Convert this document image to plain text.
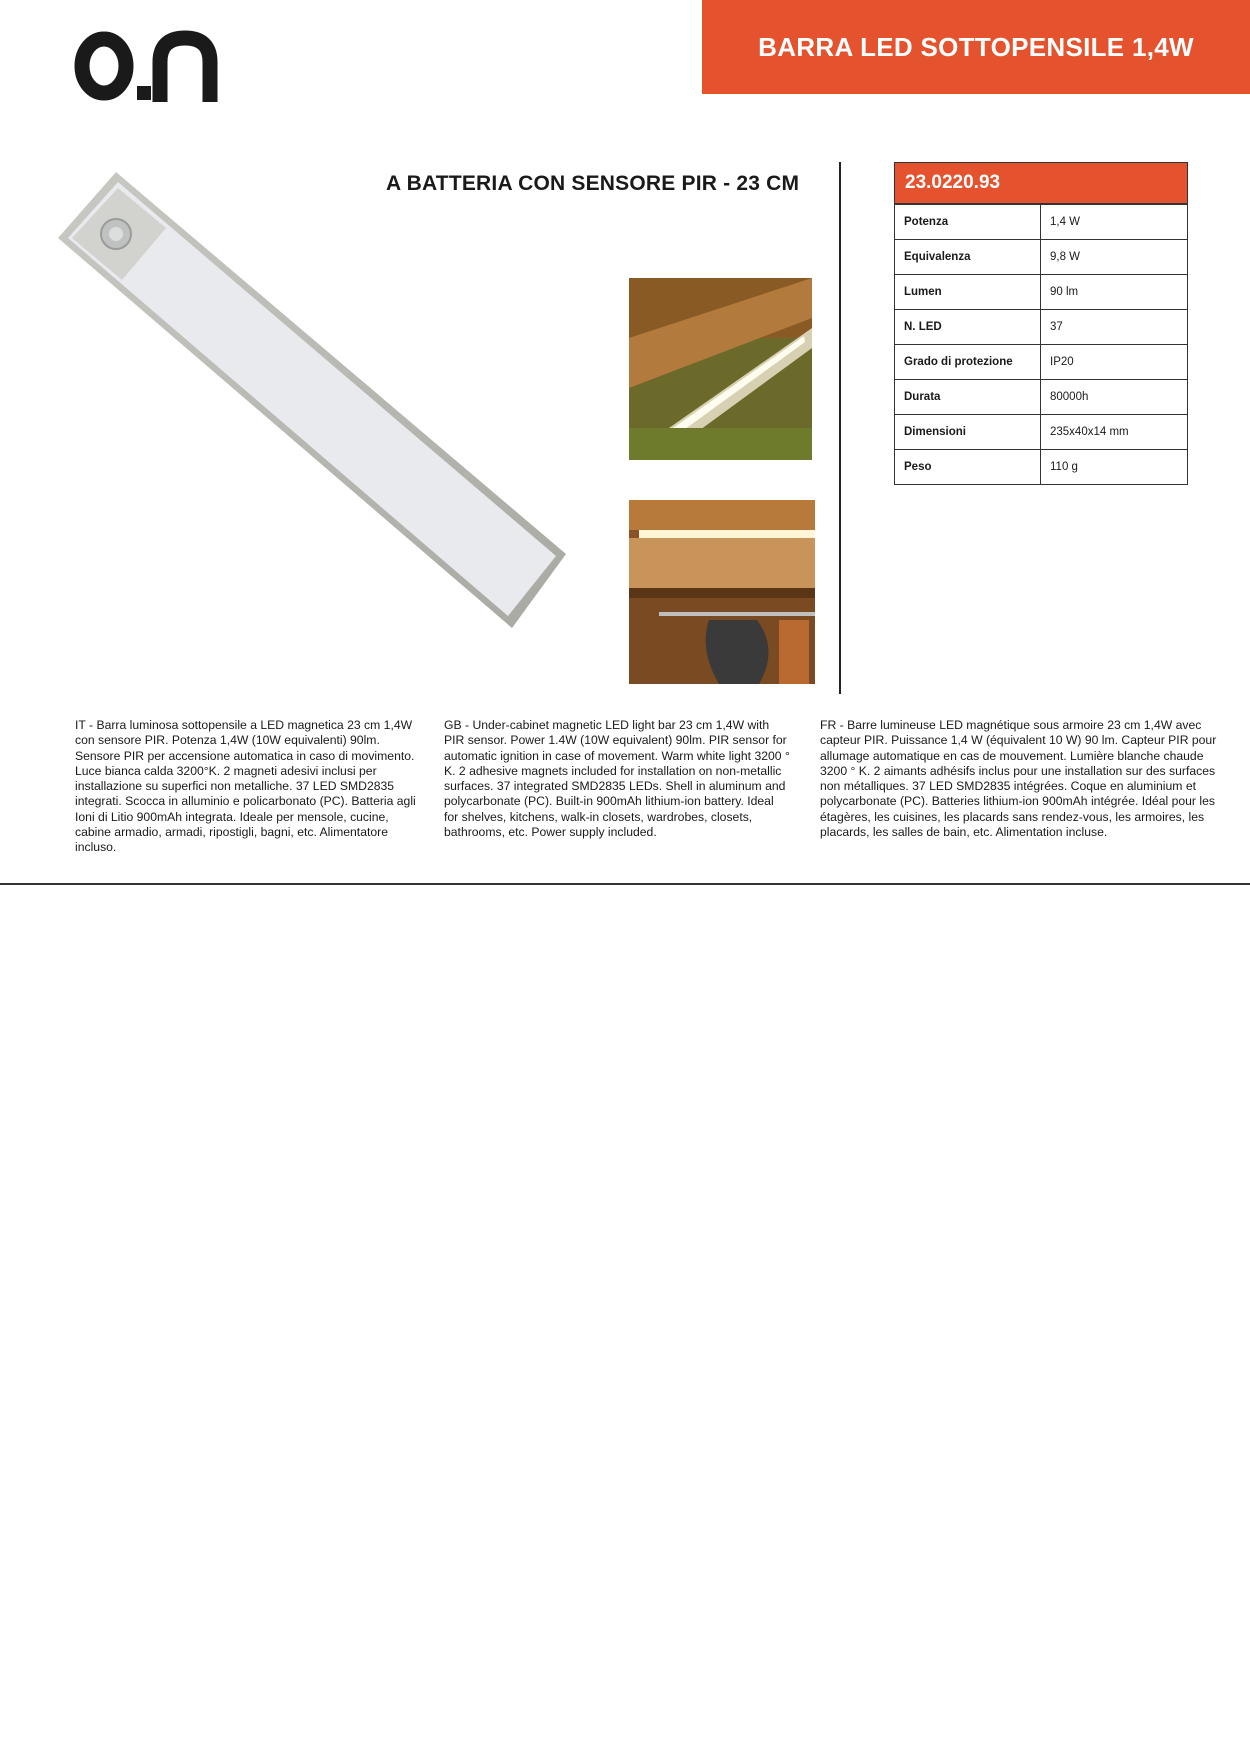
BARRA LED SOTTOPENSILE 1,4W
A BATTERIA CON SENSORE PIR - 23 CM	23.0220.93
Potenza	1,4 W
Equivalenza	9,8 W
Lumen	90 lm
N. LED	37
Grado di protezione	IP20
Durata	80000h
Dimensioni	235x40x14 mm
Peso	110 g
IT - Barra luminosa sottopensile a LED magnetica 23 cm 1,4W con sensore PIR. Potenza 1,4W (10W equivalenti) 90lm. Sensore PIR per accensione automatica in caso di movimento. Luce bianca calda 3200°K. 2 magneti adesivi inclusi per installazione su superfici non metalliche. 37 LED SMD2835 integrati. Scocca in alluminio e policarbonato (PC). Batteria agli Ioni di Litio 900mAh integrata. Ideale per mensole, cucine, cabine armadio, armadi, ripostigli, bagni, etc. Alimentatore incluso.
GB - Under-cabinet magnetic LED light bar 23 cm 1,4W with PIR sensor. Power 1.4W (10W equivalent) 90lm. PIR sensor for automatic ignition in case of movement. Warm white light 3200 ° K. 2 adhesive magnets included for installation on non-metallic surfaces. 37 integrated SMD2835 LEDs. Shell in aluminum and polycarbonate (PC). Built-in 900mAh lithium-ion battery. Ideal for shelves, kitchens, walk-in closets, wardrobes, closets, bathrooms, etc. Power supply included.
FR - Barre lumineuse LED magnétique sous armoire 23 cm 1,4W avec capteur PIR. Puissance 1,4 W (équivalent 10 W) 90 lm. Capteur PIR pour allumage automatique en cas de mouvement. Lumière blanche chaude 3200 ° K. 2 aimants adhésifs inclus pour une installation sur des surfaces non métalliques. 37 LED SMD2835 intégrées. Coque en aluminium et polycarbonate (PC). Batteries lithium-ion 900mAh intégrée. Idéal pour les étagères, les cuisines, les placards sans rendez-vous, les armoires, les placards, les salles de bain, etc. Alimentation incluse.
